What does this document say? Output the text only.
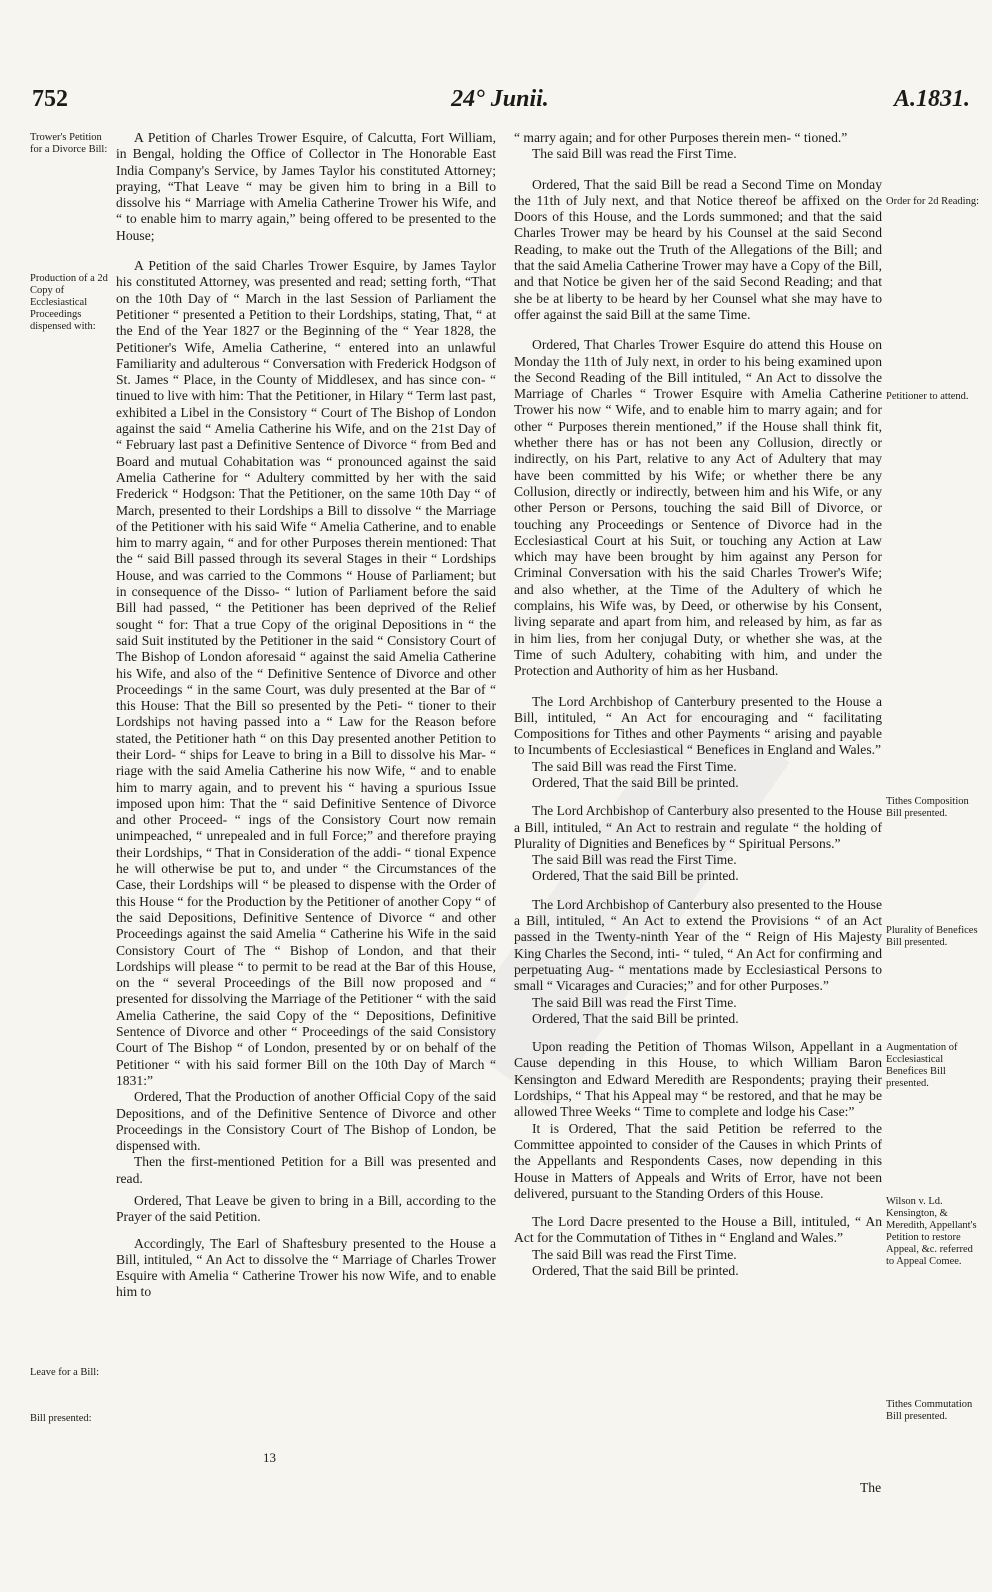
752	24° Junii.	A.1831.
Trower's Petition for a Divorce Bill:
Production of a 2d Copy of Ecclesiastical Proceedings dispensed with:
Leave for a Bill:
Bill presented:

A Petition of Charles Trower Esquire, of Calcutta, Fort William, in Bengal, holding the Office of Collector in The Honorable East India Company's Service, by James Taylor his constituted Attorney; praying, “That Leave “ may be given him to bring in a Bill to dissolve his “ Marriage with Amelia Catherine Trower his Wife, and “ to enable him to marry again,” being offered to be presented to the House;

A Petition of the said Charles Trower Esquire, by James Taylor his constituted Attorney, was presented and read; setting forth, “That on the 10th Day of “ March in the last Session of Parliament the Petitioner “ presented a Petition to their Lordships, stating, That, “ at the End of the Year 1827 or the Beginning of the “ Year 1828, the Petitioner's Wife, Amelia Catherine, “ entered into an unlawful Familiarity and adulterous “ Conversation with Frederick Hodgson of St. James “ Place, in the County of Middlesex, and has since con- “ tinued to live with him: That the Petitioner, in Hilary “ Term last past, exhibited a Libel in the Consistory “ Court of The Bishop of London against the said “ Amelia Catherine his Wife, and on the 21st Day of “ February last past a Definitive Sentence of Divorce “ from Bed and Board and mutual Cohabitation was “ pronounced against the said Amelia Catherine for “ Adultery committed by her with the said Frederick “ Hodgson: That the Petitioner, on the same 10th Day “ of March, presented to their Lordships a Bill to dissolve “ the Marriage of the Petitioner with his said Wife “ Amelia Catherine, and to enable him to marry again, “ and for other Purposes therein mentioned: That the “ said Bill passed through its several Stages in their “ Lordships House, and was carried to the Commons “ House of Parliament; but in consequence of the Disso- “ lution of Parliament before the said Bill had passed, “ the Petitioner has been deprived of the Relief sought “ for: That a true Copy of the original Depositions in “ the said Suit instituted by the Petitioner in the said “ Consistory Court of The Bishop of London aforesaid “ against the said Amelia Catherine his Wife, and also of the “ Definitive Sentence of Divorce and other Proceedings “ in the same Court, was duly presented at the Bar of “ this House: That the Bill so presented by the Peti- “ tioner to their Lordships not having passed into a “ Law for the Reason before stated, the Petitioner hath “ on this Day presented another Petition to their Lord- “ ships for Leave to bring in a Bill to dissolve his Mar- “ riage with the said Amelia Catherine his now Wife, “ and to enable him to marry again, and to prevent his “ having a spurious Issue imposed upon him: That the “ said Definitive Sentence of Divorce and other Proceed- “ ings of the Consistory Court now remain unimpeached, “ unrepealed and in full Force;” and therefore praying their Lordships, “ That in Consideration of the addi- “ tional Expence he will otherwise be put to, and under “ the Circumstances of the Case, their Lordships will “ be pleased to dispense with the Order of this House “ for the Production by the Petitioner of another Copy “ of the said Depositions, Definitive Sentence of Divorce “ and other Proceedings against the said Amelia “ Catherine his Wife in the said Consistory Court of The “ Bishop of London, and that their Lordships will please “ to permit to be read at the Bar of this House, on the “ several Proceedings of the Bill now proposed and “ presented for dissolving the Marriage of the Petitioner “ with the said Amelia Catherine, the said Copy of the “ Depositions, Definitive Sentence of Divorce and other “ Proceedings of the said Consistory Court of The Bishop “ of London, presented by or on behalf of the Petitioner “ with his said former Bill on the 10th Day of March “ 1831:”

Ordered, That the Production of another Official Copy of the said Depositions, and of the Definitive Sentence of Divorce and other Proceedings in the Consistory Court of The Bishop of London, be dispensed with.

Then the first-mentioned Petition for a Bill was presented and read.

Ordered, That Leave be given to bring in a Bill, according to the Prayer of the said Petition.

Accordingly, The Earl of Shaftesbury presented to the House a Bill, intituled, “ An Act to dissolve the “ Marriage of Charles Trower Esquire with Amelia “ Catherine Trower his now Wife, and to enable him to

“ marry again; and for other Purposes therein men- “ tioned.”

The said Bill was read the First Time.

Ordered, That the said Bill be read a Second Time on Monday the 11th of July next, and that Notice thereof be affixed on the Doors of this House, and the Lords summoned; and that the said Charles Trower may be heard by his Counsel at the said Second Reading, to make out the Truth of the Allegations of the Bill; and that the said Amelia Catherine Trower may have a Copy of the Bill, and that Notice be given her of the said Second Reading; and that she be at liberty to be heard by her Counsel what she may have to offer against the said Bill at the same Time.

Ordered, That Charles Trower Esquire do attend this House on Monday the 11th of July next, in order to his being examined upon the Second Reading of the Bill intituled, “ An Act to dissolve the Marriage of Charles “ Trower Esquire with Amelia Catherine Trower his now “ Wife, and to enable him to marry again; and for other “ Purposes therein mentioned,” if the House shall think fit, whether there has or has not been any Collusion, directly or indirectly, on his Part, relative to any Act of Adultery that may have been committed by his Wife; or whether there be any Collusion, directly or indirectly, between him and his Wife, or any other Person or Persons, touching the said Bill of Divorce, or touching any Proceedings or Sentence of Divorce had in the Ecclesiastical Court at his Suit, or touching any Action at Law which may have been brought by him against any Person for Criminal Conversation with his the said Charles Trower's Wife; and also whether, at the Time of the Adultery of which he complains, his Wife was, by Deed, or otherwise by his Consent, living separate and apart from him, and released by him, as far as in him lies, from her conjugal Duty, or whether she was, at the Time of such Adultery, cohabiting with him, and under the Protection and Authority of him as her Husband.

The Lord Archbishop of Canterbury presented to the House a Bill, intituled, “ An Act for encouraging and “ facilitating Compositions for Tithes and other Payments “ arising and payable to Incumbents of Ecclesiastical “ Benefices in England and Wales.”

The said Bill was read the First Time.

Ordered, That the said Bill be printed.

The Lord Archbishop of Canterbury also presented to the House a Bill, intituled, “ An Act to restrain and regulate “ the holding of Plurality of Dignities and Benefices by “ Spiritual Persons.”

The said Bill was read the First Time.

Ordered, That the said Bill be printed.

The Lord Archbishop of Canterbury also presented to the House a Bill, intituled, “ An Act to extend the Provisions “ of an Act passed in the Twenty-ninth Year of the “ Reign of His Majesty King Charles the Second, inti- “ tuled, “ An Act for confirming and perpetuating Aug- “ mentations made by Ecclesiastical Persons to small “ Vicarages and Curacies;” and for other Purposes.”

The said Bill was read the First Time.

Ordered, That the said Bill be printed.

Upon reading the Petition of Thomas Wilson, Appellant in a Cause depending in this House, to which William Baron Kensington and Edward Meredith are Respondents; praying their Lordships, “ That his Appeal may “ be restored, and that he may be allowed Three Weeks “ Time to complete and lodge his Case:”

It is Ordered, That the said Petition be referred to the Committee appointed to consider of the Causes in which Prints of the Appellants and Respondents Cases, now depending in this House in Matters of Appeals and Writs of Error, have not been delivered, pursuant to the Standing Orders of this House.

The Lord Dacre presented to the House a Bill, intituled, “ An Act for the Commutation of Tithes in “ England and Wales.”

The said Bill was read the First Time.

Ordered, That the said Bill be printed.

Order for 2d Reading:
Petitioner to attend.
Tithes Composition Bill presented.
Plurality of Benefices Bill presented.
Augmentation of Ecclesiastical Benefices Bill presented.
Wilson v. Ld. Kensington, & Meredith, Appellant's Petition to restore Appeal, &c. referred to Appeal Comee.
Tithes Commutation Bill presented.
13
The
